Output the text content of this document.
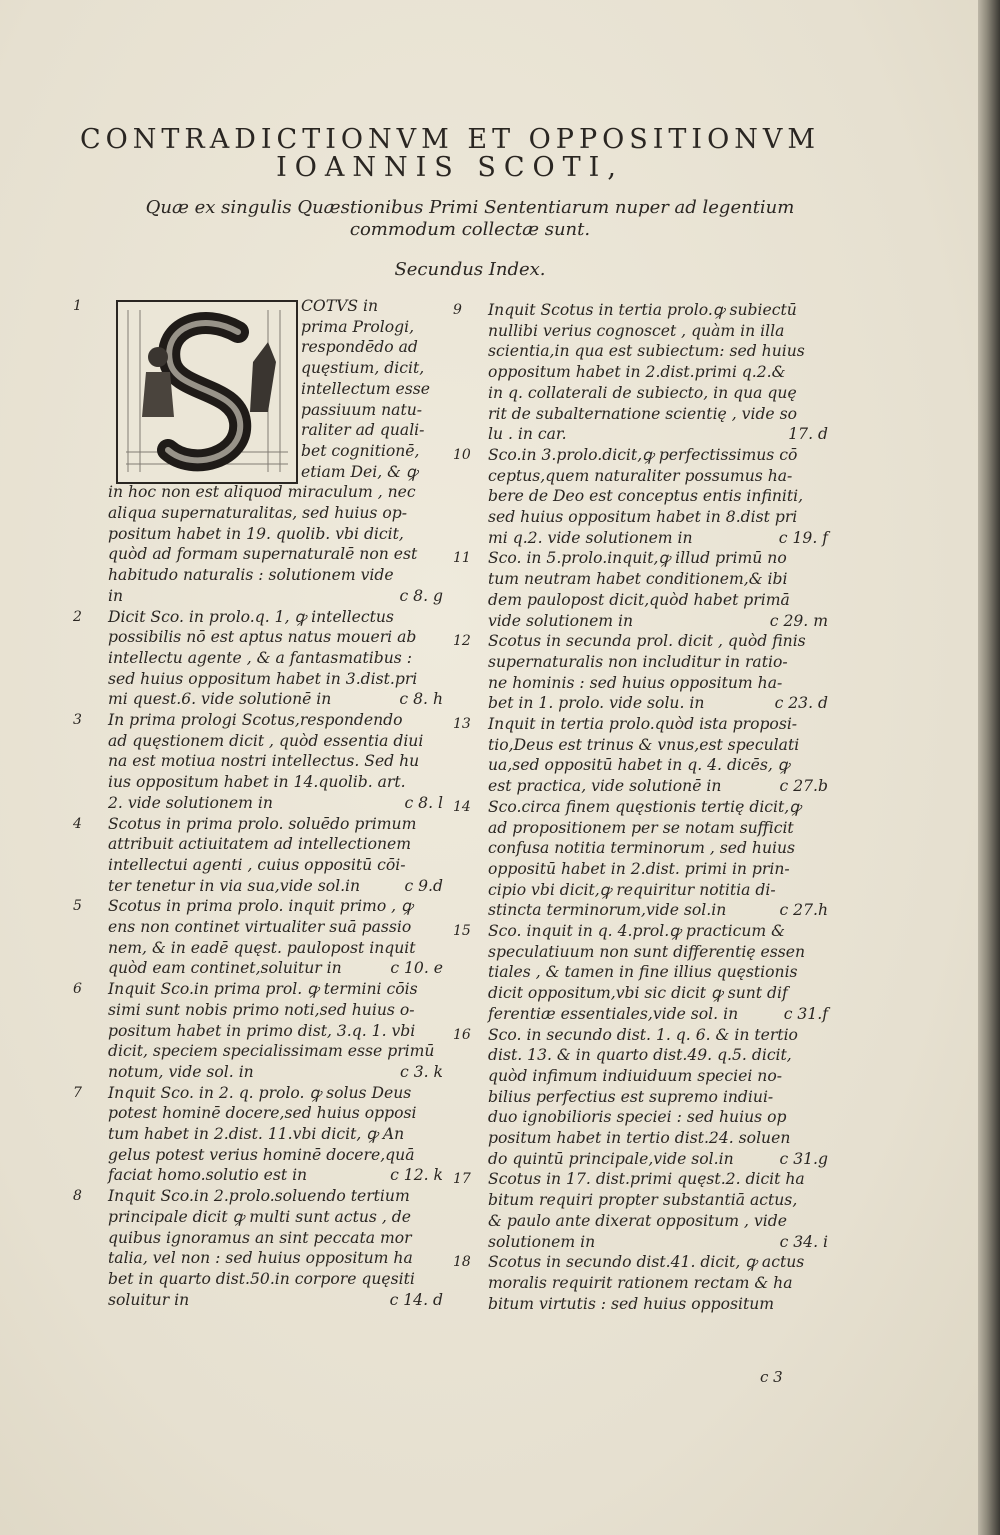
CONTRADICTIONVM ET OPPOSITIONVM
IOANNIS SCOTI,
Quæ ex singulis Quæstionibus Primi Sententiarum nuper ad legentium
commodum collectæ sunt.
Secundus Index.
1	COTVS in
prima Prologi,
respondēdo ad
quęstium, dicit,
intellectum esse
passiuum natu-
raliter ad quali-
bet cognitionē,
etiam Dei, & ꝙ
in hoc non est aliquod miraculum , nec
aliqua supernaturalitas, sed huius op-
positum habet in 19. quolib. vbi dicit,
quòd ad formam supernaturalē non est
habitudo naturalis : solutionem vide
in	c 8. g
2	Dicit Sco. in prolo.q. 1, ꝙ intellectus
possibilis nō est aptus natus moueri ab
intellectu agente , & a fantasmatibus :
sed huius oppositum habet in 3.dist.pri
mi quest.6. vide solutionē in	c 8. h
3	In prima prologi Scotus,respondendo
ad quęstionem dicit , quòd essentia diui
na est motiua nostri intellectus. Sed hu
ius oppositum habet in 14.quolib. art.
2. vide solutionem in	c 8. l
4	Scotus in prima prolo. soluēdo primum
attribuit actiuitatem ad intellectionem
intellectui agenti , cuius oppositū cōi-
ter tenetur in via sua,vide sol.in	c 9.d
5	Scotus in prima prolo. inquit primo , ꝙ
ens non continet virtualiter suā passio
nem, & in eadē quęst. paulopost inquit
quòd eam continet,soluitur in	c 10. e
6	Inquit Sco.in prima prol. ꝙ termini cōis
simi sunt nobis primo noti,sed huius o-
positum habet in primo dist, 3.q. 1. vbi
dicit, speciem specialissimam esse primū
notum, vide sol. in	c 3. k
7	Inquit Sco. in 2. q. prolo. ꝙ solus Deus
potest hominē docere,sed huius opposi
tum habet in 2.dist. 11.vbi dicit, ꝙ An
gelus potest verius hominē docere,quā
faciat homo.solutio est in	c 12. k
8	Inquit Sco.in 2.prolo.soluendo tertium
principale dicit ꝙ multi sunt actus , de
quibus ignoramus an sint peccata mor
talia, vel non : sed huius oppositum ha
bet in quarto dist.50.in corpore quęsiti
soluitur in	c 14. d
9	Inquit Scotus in tertia prolo.ꝙ subiectū
nullibi verius cognoscet , quàm in illa
scientia,in qua est subiectum: sed huius
oppositum habet in 2.dist.primi q.2.&
in q. collaterali de subiecto, in qua quę
rit de subalternatione scientię , vide so
lu . in car.	17. d
10	Sco.in 3.prolo.dicit,ꝙ perfectissimus cō
ceptus,quem naturaliter possumus ha-
bere de Deo est conceptus entis infiniti,
sed huius oppositum habet in 8.dist pri
mi q.2. vide solutionem in	c 19. f
11	Sco. in 5.prolo.inquit,ꝙ illud primū no
tum neutram habet conditionem,& ibi
dem paulopost dicit,quòd habet primā
vide solutionem in	c 29. m
12	Scotus in secunda prol. dicit , quòd finis
supernaturalis non includitur in ratio-
ne hominis : sed huius oppositum ha-
bet in 1. prolo. vide solu. in	c 23. d
13	Inquit in tertia prolo.quòd ista proposi-
tio,Deus est trinus & vnus,est speculati
ua,sed oppositū habet in q. 4. dicēs, ꝙ
est practica, vide solutionē in	c 27.b
14	Sco.circa finem quęstionis tertię dicit,ꝙ
ad propositionem per se notam sufficit
confusa notitia terminorum , sed huius
oppositū habet in 2.dist. primi in prin-
cipio vbi dicit,ꝙ requiritur notitia di-
stincta terminorum,vide sol.in	c 27.h
15	Sco. inquit in q. 4.prol.ꝙ practicum &
speculatiuum non sunt differentię essen
tiales , & tamen in fine illius quęstionis
dicit oppositum,vbi sic dicit ꝙ sunt dif
ferentiæ essentiales,vide sol. in	c 31.f
16	Sco. in secundo dist. 1. q. 6. & in tertio
dist. 13. & in quarto dist.49. q.5. dicit,
quòd infimum indiuiduum speciei no-
bilius perfectius est supremo indiui-
duo ignobilioris speciei : sed huius op
positum habet in tertio dist.24. soluen
do quintū principale,vide sol.in	c 31.g
17	Scotus in 17. dist.primi quęst.2. dicit ha
bitum requiri propter substantiā actus,
& paulo ante dixerat oppositum , vide
solutionem in	c 34. i
18	Scotus in secundo dist.41. dicit, ꝙ actus
moralis requirit rationem rectam & ha
bitum virtutis : sed huius oppositum
c 3
